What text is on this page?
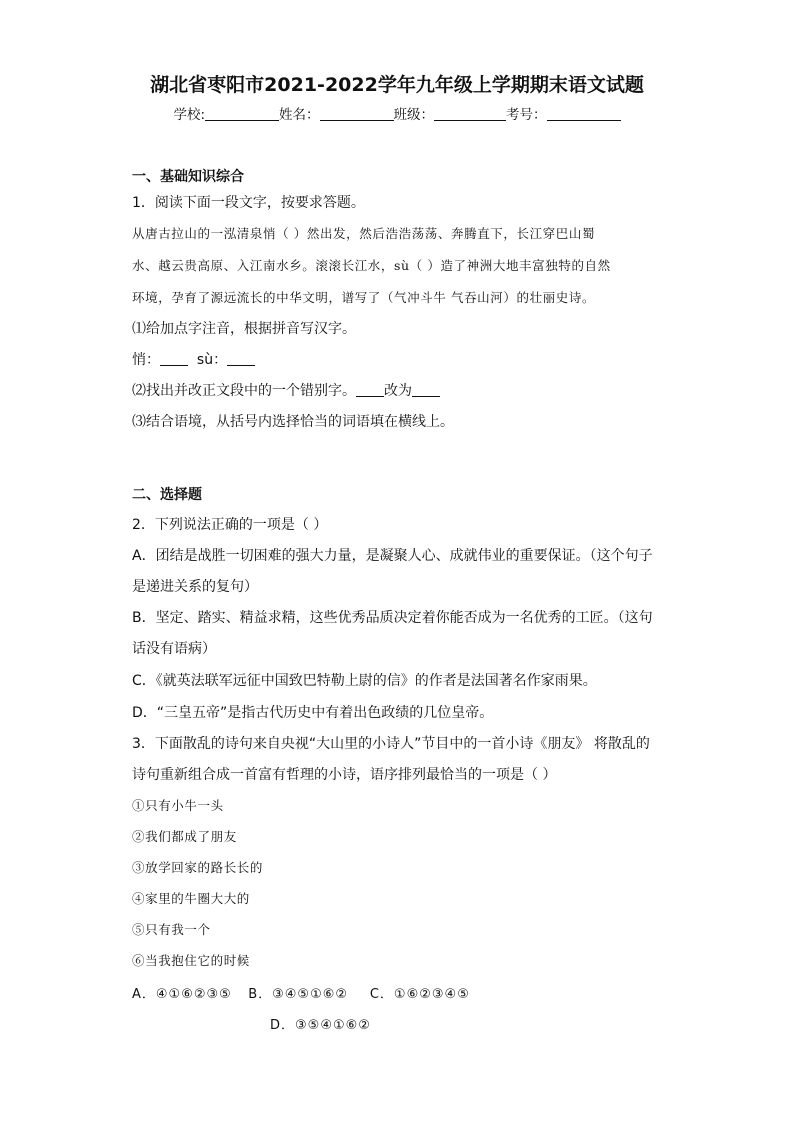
湖北省枣阳市2021-2022学年九年级上学期期末语文试题
学校:	姓名：	班级：	考号：
一、基础知识综合
1．阅读下面一段文字，按要求答题。
从唐古拉山的一泓清泉悄（ ）然出发，然后浩浩荡荡、奔腾直下，长江穿巴山蜀
水、越云贵高原、入江南水乡。滚滚长江水，sù（ ）造了神洲大地丰富独特的自然
环境，孕育了源远流长的中华文明，谱写了（气冲斗牛 气吞山河）的壮丽史诗。
⑴给加点字注音，根据拼音写汉字。
悄：	sù：
⑵找出并改正文段中的一个错别字。 改为
⑶结合语境，从括号内选择恰当的词语填在横线上。
二、选择题
2．下列说法正确的一项是（ ）
A．团结是战胜一切困难的强大力量，是凝聚人心、成就伟业的重要保证。（这个句子
是递进关系的复句）
B．坚定、踏实、精益求精，这些优秀品质决定着你能否成为一名优秀的工匠。（这句
话没有语病）
C．《就英法联军远征中国致巴特勒上尉的信》的作者是法国著名作家雨果。
D．“三皇五帝”是指古代历史中有着出色政绩的几位皇帝。
3．下面散乱的诗句来自央视“大山里的小诗人”节目中的一首小诗《朋友》 将散乱的
诗句重新组合成一首富有哲理的小诗，语序排列最恰当的一项是（ ）
①只有小牛一头
②我们都成了朋友
③放学回家的路长长的
④家里的牛圈大大的
⑤只有我一个
⑥当我抱住它的时候
A．④①⑥②③⑤ B．③④⑤①⑥② C．①⑥②③④⑤
D．③⑤④①⑥②
